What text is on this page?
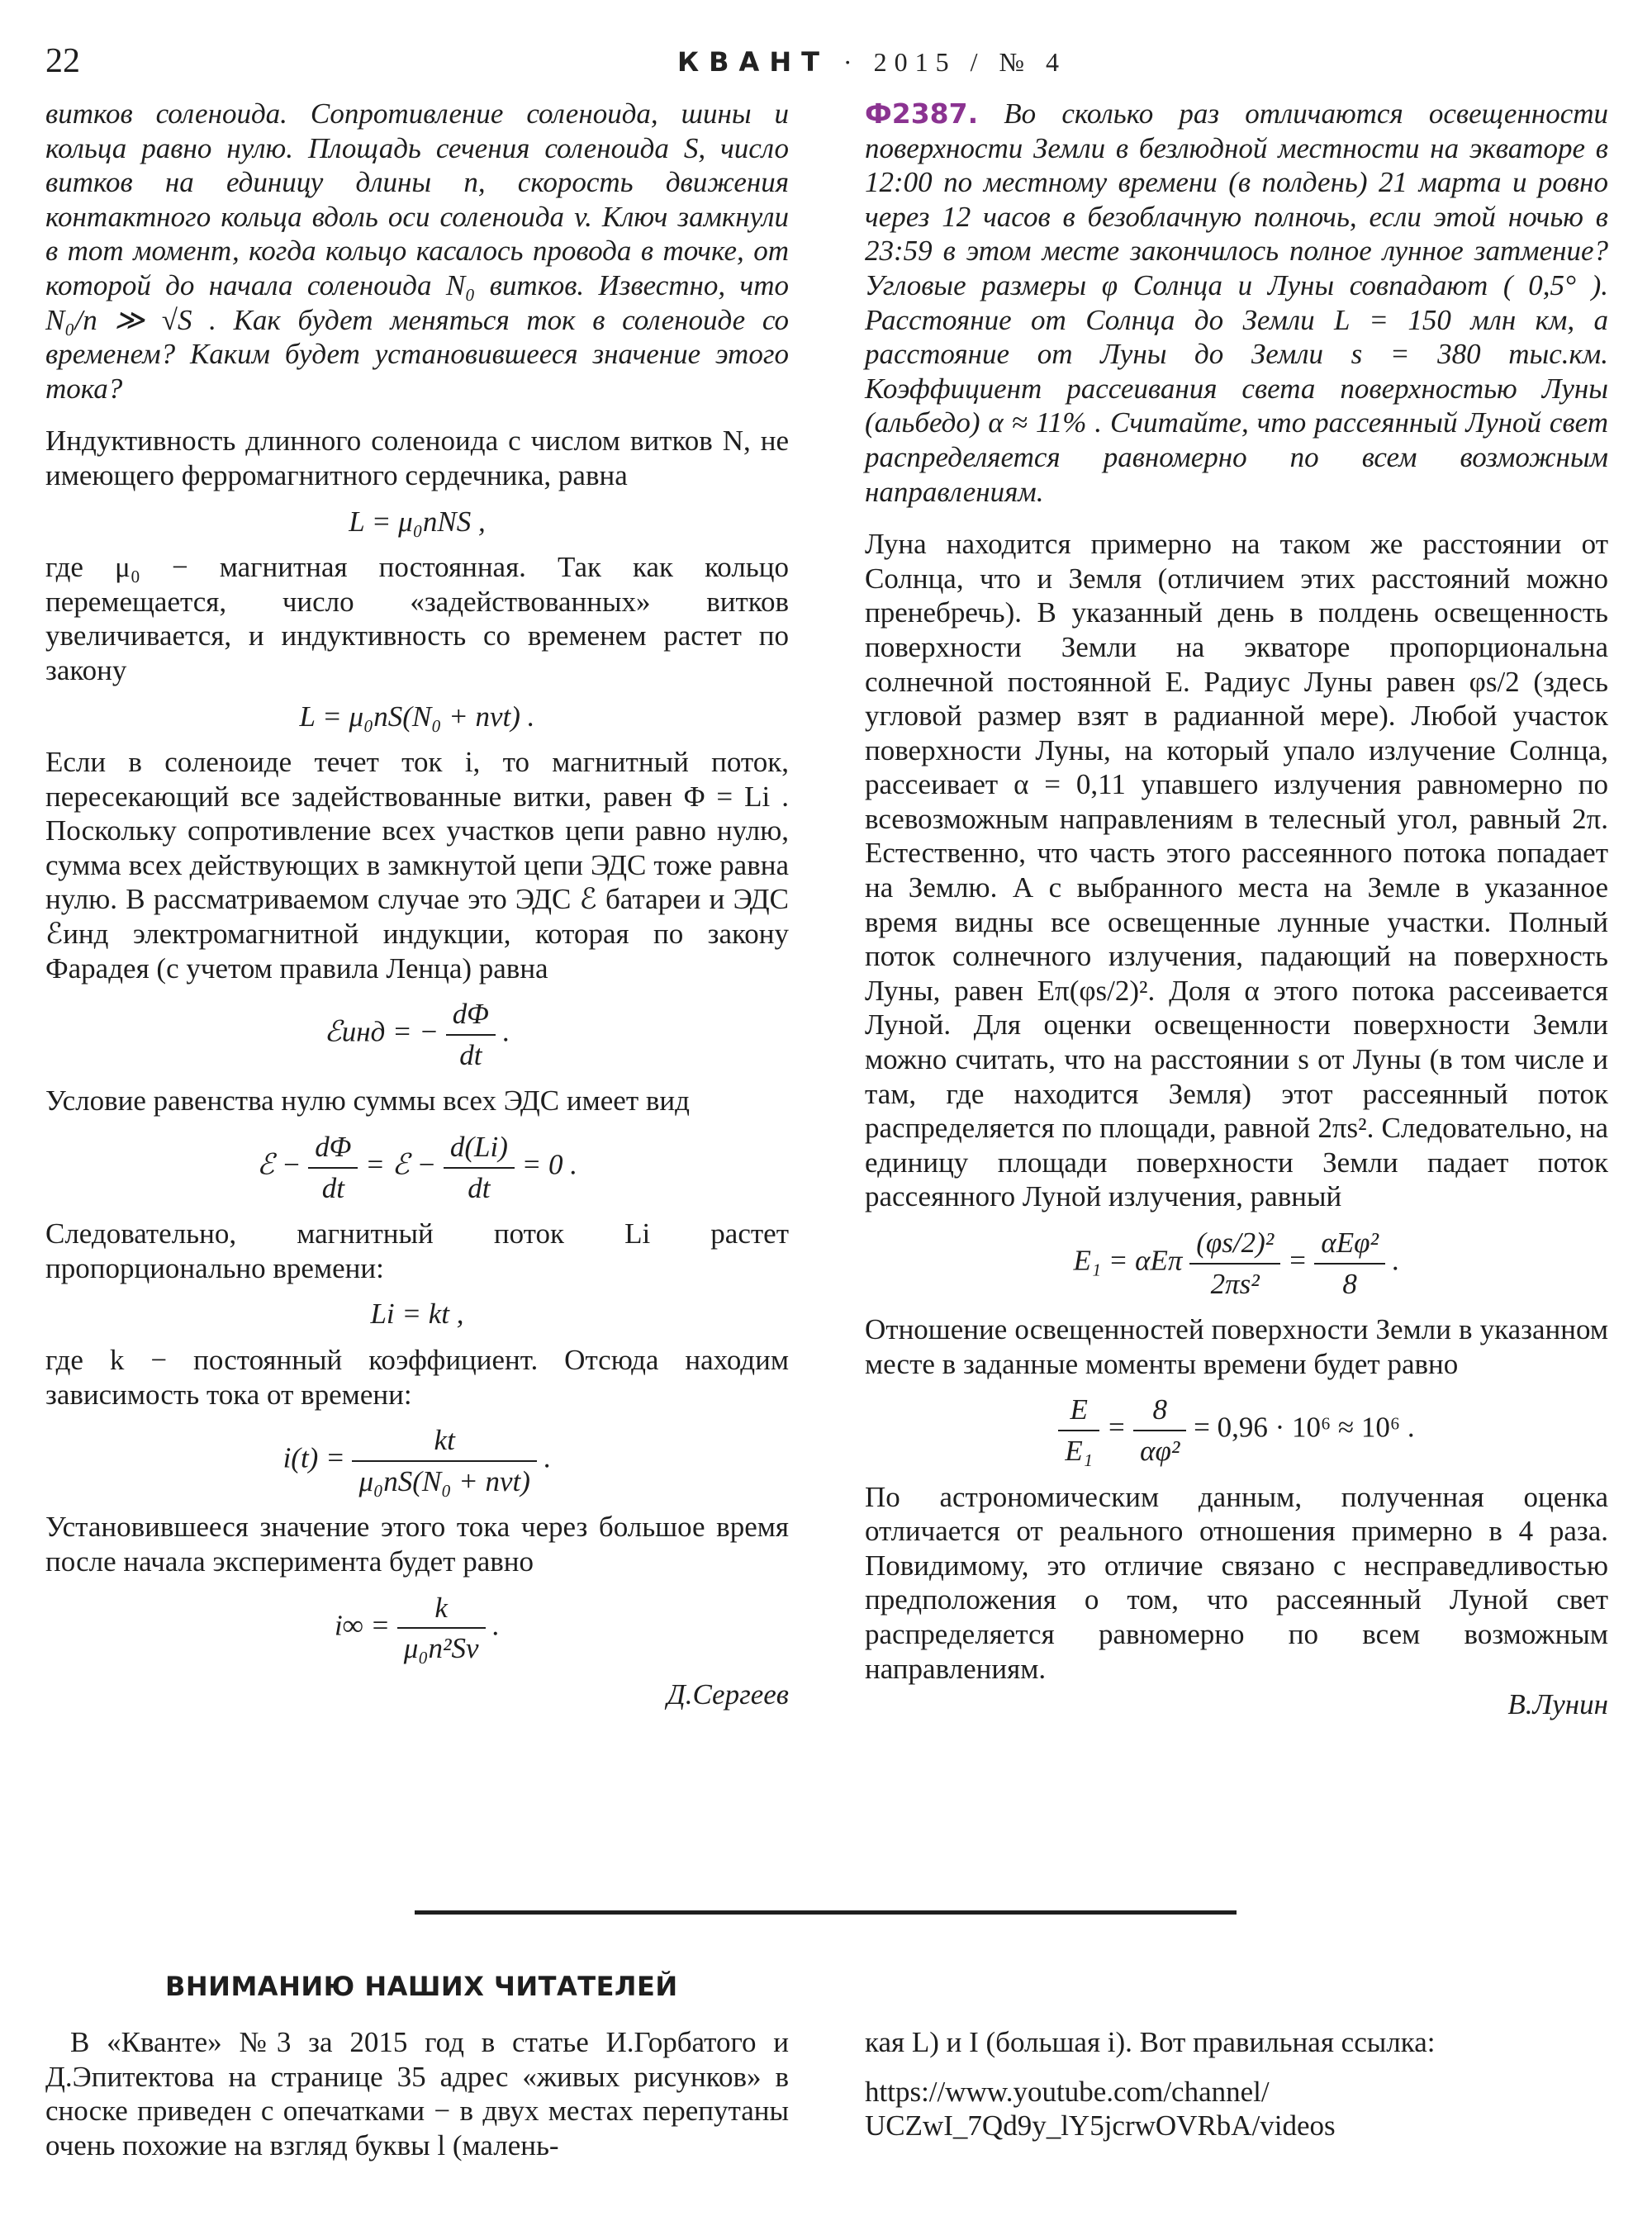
22	КВАНТ · 2015 / № 4

витков соленоида. Сопротивление соленоида, шины и кольца равно нулю. Площадь сечения соленоида S, число витков на единицу длины n, скорость движения контактного кольца вдоль оси соленоида v. Ключ замкнули в тот момент, когда кольцо касалось провода в точке, от которой до начала соленоида N₀ витков. Известно, что N₀/n ≫ √S . Как будет меняться ток в соленоиде со временем? Каким будет установившееся значение этого тока?

Индуктивность длинного соленоида с числом витков N, не имеющего ферромагнитного сердечника, равна

L = μ₀nNS ,

где μ₀ − магнитная постоянная. Так как кольцо перемещается, число «задействованных» витков увеличивается, и индуктивность со временем растет по закону

L = μ₀nS(N₀ + nvt) .

Если в соленоиде течет ток i, то магнитный поток, пересекающий все задействованные витки, равен Φ = Li . Поскольку сопротивление всех участков цепи равно нулю, сумма всех действующих в замкнутой цепи ЭДС тоже равна нулю. В рассматриваемом случае это ЭДС ℰ батареи и ЭДС ℰинд электромагнитной индукции, которая по закону Фарадея (с учетом правила Ленца) равна

ℰинд = − $\frac{d\Phi}{dt}$ .

Условие равенства нулю суммы всех ЭДС имеет вид

ℰ − $\frac{d\Phi}{dt}$ = ℰ − $\frac{d(Li)}{dt} = 0$ .

Следовательно, магнитный поток Li растет пропорционально времени:

Li = kt ,

где k − постоянный коэффициент. Отсюда находим зависимость тока от времени:

i(t) =
kt
μ₀nS(N₀ + nvt)
.

Установившееся значение этого тока через большое время после начала эксперимента будет равно

$i\infty = \frac{k}{\text{μ₀n²Sv}}$ .
Д.Сергеев

Ф2387. Во сколько раз отличаются освещенности поверхности Земли в безлюдной местности на экваторе в 12:00 по местному времени (в полдень) 21 марта и ровно через 12 часов в безоблачную полночь, если этой ночью в 23:59 в этом месте закончилось полное лунное затмение? Угловые размеры φ Солнца и Луны совпадают ( 0,5° ). Расстояние от Солнца до Земли L = 150 млн км, а расстояние от Луны до Земли s = 380 тыс.км. Коэффициент рассеивания света поверхностью Луны (альбедо) α ≈ 11% . Считайте, что рассеянный Луной свет распределяется равномерно по всем возможным направлениям.

Луна находится примерно на таком же расстоянии от Солнца, что и Земля (отличием этих расстояний можно пренебречь). В указанный день в полдень освещенность поверхности Земли на экваторе пропорциональна солнечной постоянной E. Радиус Луны равен φs/2 (здесь угловой размер взят в радианной мере). Любой участок поверхности Луны, на который упало излучение Солнца, рассеивает α = 0,11 упавшего излучения равномерно по всевозможным направлениям в телесный угол, равный 2π. Естественно, что часть этого рассеянного потока попадает на Землю. А с выбранного места на Земле в указанное время видны все освещенные лунные участки. Полный поток солнечного излучения, падающий на поверхность Луны, равен Eπ(φs/2)². Доля α этого потока рассеивается Луной. Для оценки освещенности поверхности Земли можно считать, что на расстоянии s от Луны (в том числе и там, где находится Земля) этот рассеянный поток распределяется по площади, равной 2πs². Следовательно, на единицу площади поверхности Земли падает поток рассеянного Луной излучения, равный

E₁ = αEπ $\frac{\text{(φs/2)²}}{\text{2πs²}}$ =
αEφ²
8
.

Отношение освещенностей поверхности Земли в указанном месте в заданные моменты времени будет равно

$\frac{E}{\text{E₁}} = \frac{8}{\text{αφ²}} = 0,96 \cdot 10^6 \approx 10^6$ .

По астрономическим данным, полученная оценка отличается от реального отношения примерно в 4 раза. Повидимому, это отличие связано с несправедливостью предположения о том, что рассеянный Луной свет распределяется равномерно по всем возможным направлениям.

В.Лунин
ВНИМАНИЮ НАШИХ ЧИТАТЕЛЕЙ
В «Кванте» №3 за 2015 год в статье И.Горбатого и Д.Эпитектова на странице 35 адрес «живых рисунков» в сноске приведен с опечатками − в двух местах перепутаны очень похожие на взгляд буквы l (малень-
кая L) и I (большая i). Вот правильная ссылка:
https://www.youtube.com/channel/
UCZwI_7Qd9y_lY5jcrwOVRbA/videos
